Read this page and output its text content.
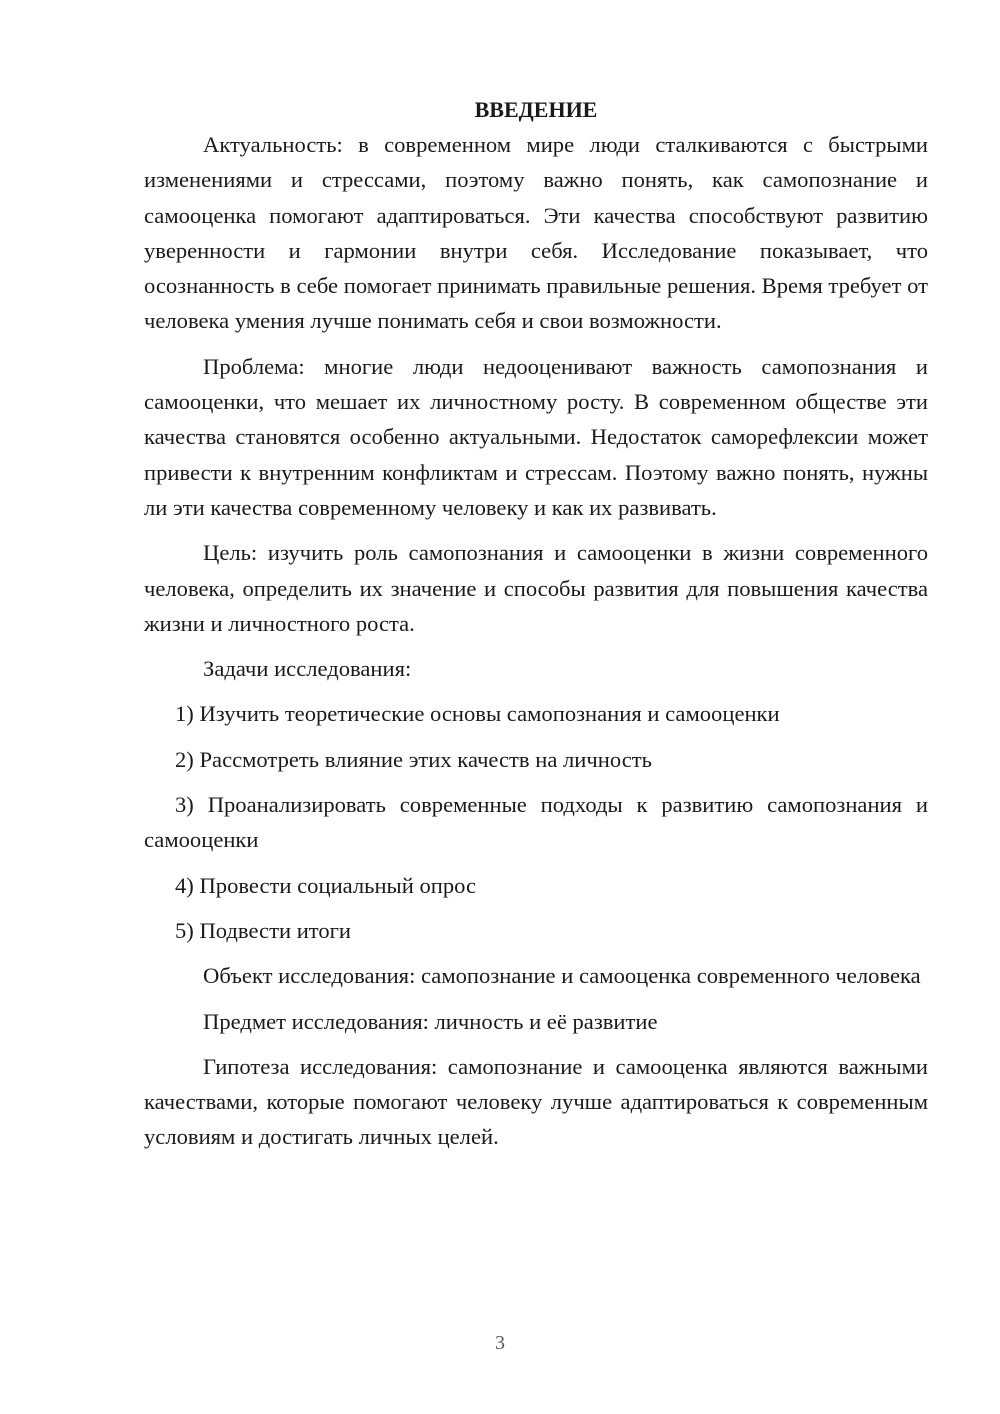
ВВЕДЕНИЕ

Актуальность: в современном мире люди сталкиваются с быстрыми изменениями и стрессами, поэтому важно понять, как самопознание и самооценка помогают адаптироваться. Эти качества способствуют развитию уверенности и гармонии внутри себя. Исследование показывает, что осознанность в себе помогает принимать правильные решения. Время требует от человека умения лучше понимать себя и свои возможности.

Проблема: многие люди недооценивают важность самопознания и самооценки, что мешает их личностному росту. В современном обществе эти качества становятся особенно актуальными. Недостаток саморефлексии может привести к внутренним конфликтам и стрессам. Поэтому важно понять, нужны ли эти качества современному человеку и как их развивать.

Цель: изучить роль самопознания и самооценки в жизни современного человека, определить их значение и способы развития для повышения качества жизни и личностного роста.

Задачи исследования:

1) Изучить теоретические основы самопознания и самооценки

2) Рассмотреть влияние этих качеств на личность

3) Проанализировать современные подходы к развитию самопознания и самооценки

4) Провести социальный опрос

5) Подвести итоги

Объект исследования: самопознание и самооценка современного человека

Предмет исследования: личность и её развитие

Гипотеза исследования: самопознание и самооценка являются важными качествами, которые помогают человеку лучше адаптироваться к современным условиям и достигать личных целей.

3
